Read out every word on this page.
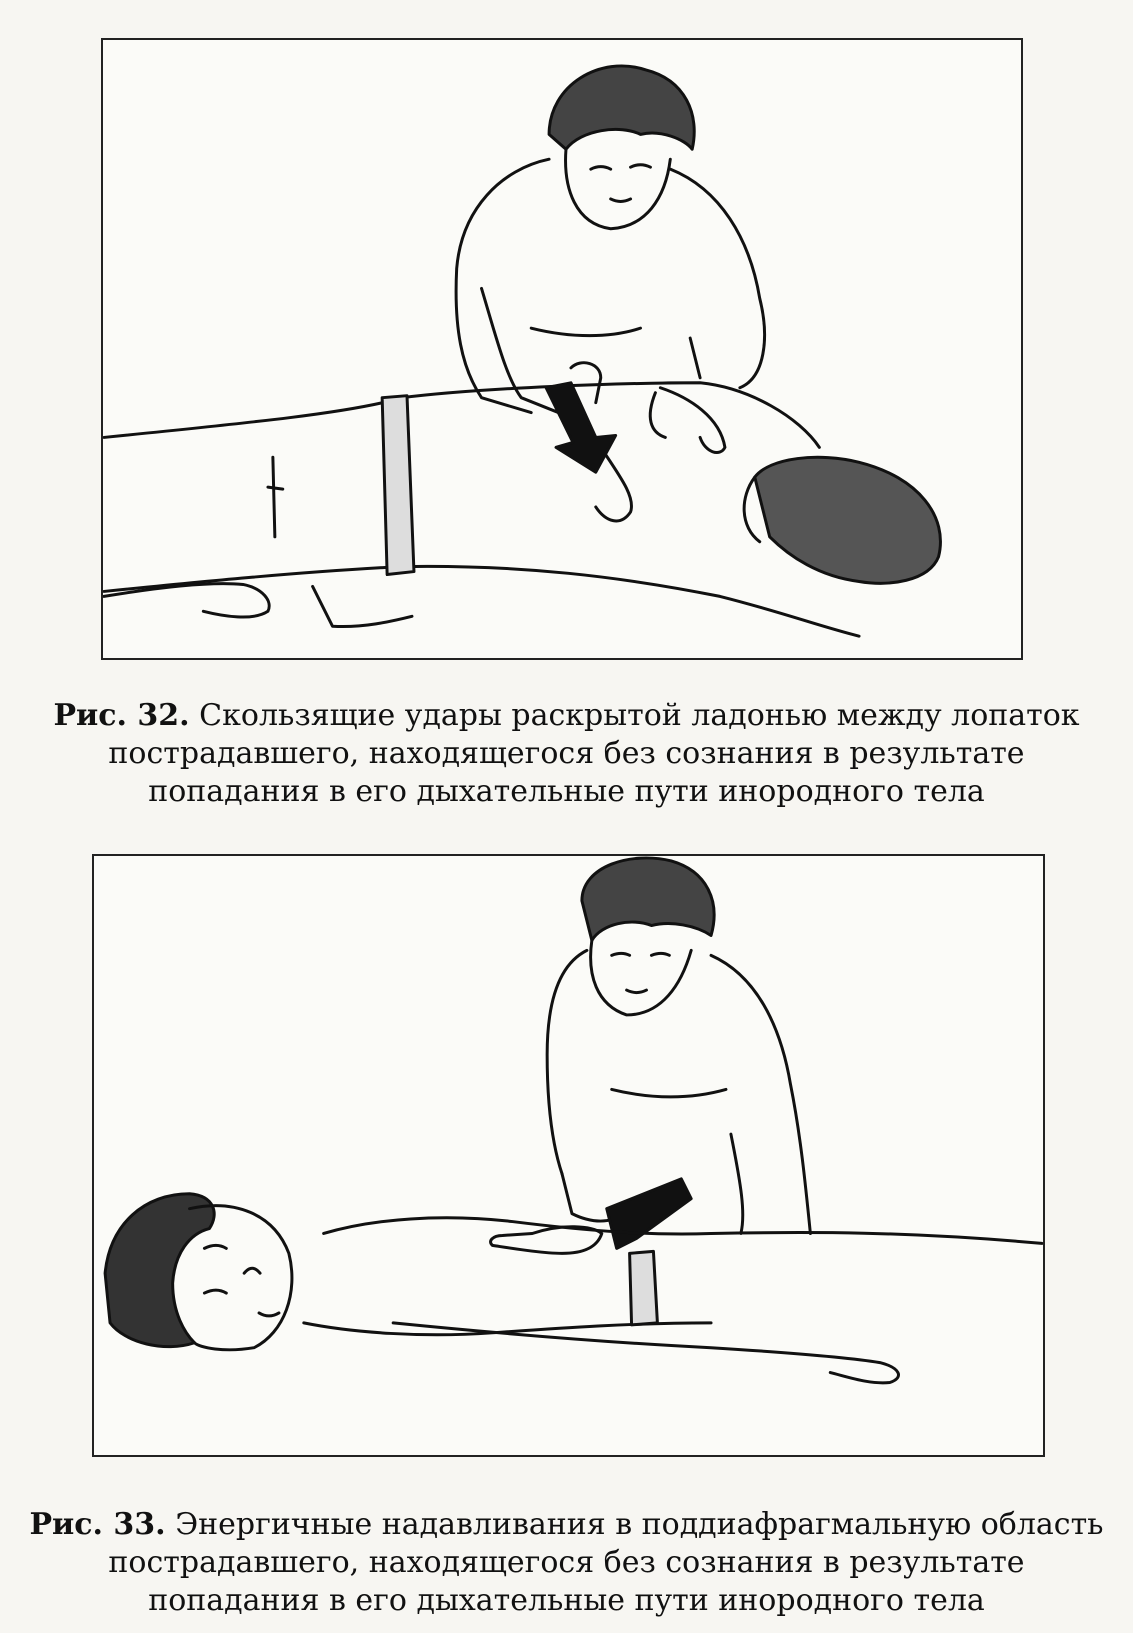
Рис. 32. Скользящие удары раскрытой ладонью между лопаток
пострадавшего, находящегося без сознания в результате
попадания в его дыхательные пути инородного тела
Рис. 33. Энергичные надавливания в поддиафрагмальную область
пострадавшего, находящегося без сознания в результате
попадания в его дыхательные пути инородного тела
